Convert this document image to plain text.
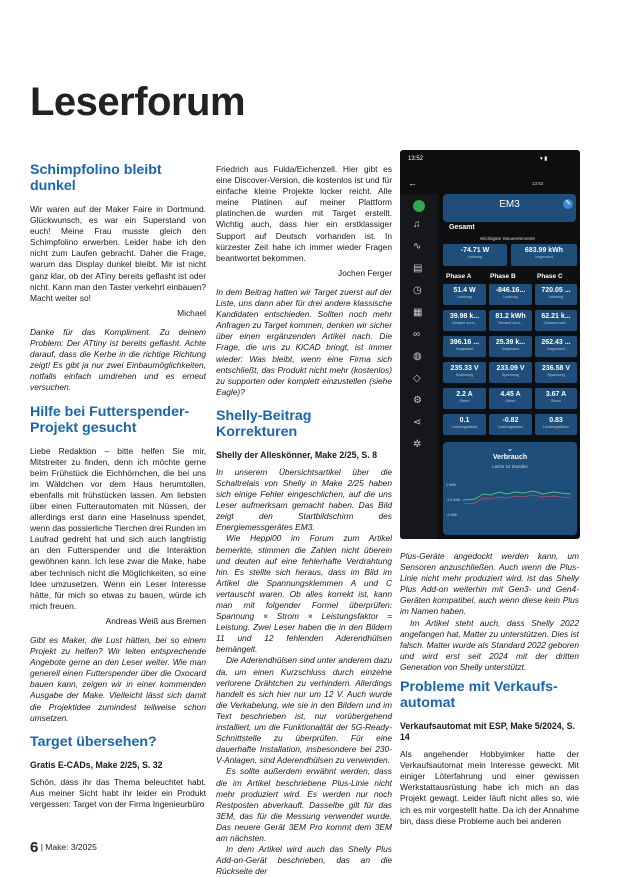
Leserforum
Schimpfolino bleibt dunkel

Wir waren auf der Maker Faire in Dortmund. Glückwunsch, es war ein Superstand von euch! Meine Frau musste gleich den Schimpfolino erwerben. Leider habe ich den nicht zum Laufen gebracht. Daher die Frage, warum das Display dunkel bleibt. Mir ist nicht ganz klar, ob der ATiny bereits geflasht ist oder nicht. Kann man den Taster verkehrt einbauen? Macht weiter so!

Michael

Danke für das Kompliment. Zu deinem Problem: Der ATtiny ist bereits geflasht. Achte darauf, dass die Kerbe in die richtige Richtung zeigt! Es gibt ja nur zwei Einbaumöglichkeiten, notfalls einfach umdrehen und es erneut versuchen.

Hilfe bei Futterspender-Projekt gesucht

Liebe Redaktion – bitte helfen Sie mir, Mitstreiter zu finden, denn ich möchte gerne beim Frühstück die Eichhörnchen, die bei uns im Wäldchen vor dem Haus herumtollen, ebenfalls mit frühstücken lassen. Am liebsten über einen Futterautomaten mit Nüssen, der allerdings erst dann eine Haselnuss spendet, wenn das possierliche Tierchen drei Runden im Laufrad gedreht hat und sich auch langfristig an den Futterspender und die Interaktion gewöhnen kann. Ich lese zwar die Make, habe aber technisch nicht die Möglichkeiten, so eine Idee umzusetzen. Wenn ein Leser Interesse hätte, für mich so etwas zu bauen, würde ich mich freuen.

Andreas Weiß aus Bremen

Gibt es Maker, die Lust hätten, bei so einem Projekt zu helfen? Wir leiten entsprechende Angebote gerne an den Leser weiter. Wie man generell einen Futterspender über die Oxocard bauen kann, zeigen wir in einer kommenden Ausgabe der Make. Vielleicht lässt sich damit die Projektidee zumindest teilweise schon umsetzen.

Target übersehen?
Gratis E-CADs, Make 2/25, S. 32

Schön, dass ihr das Thema beleuchtet habt. Aus meiner Sicht habt ihr leider ein Produkt vergessen: Target von der Firma Ingenieurbüro

Friedrich aus Fulda/Eichenzell. Hier gibt es eine Discover-Version, die kostenlos ist und für einfache kleine Projekte locker reicht. Alle meine Platinen auf meiner Plattform platinchen.de wurden mit Target erstellt. Wichtig auch, dass hier ein erstklassiger Support auf Deutsch vorhanden ist. In kürzester Zeit habe ich immer wieder Fragen beantwortet bekommen.

Jochen Ferger

In dem Beitrag hatten wir Target zuerst auf der Liste, uns dann aber für drei andere klassische Kandidaten entschieden. Sollten noch mehr Anfragen zu Target kommen, denken wir sicher über einen ergänzenden Artikel nach. Die Frage, die uns zu KiCAD bringt, ist immer wieder: Was bleibt, wenn eine Firma sich entschließt, das Produkt nicht mehr (kostenlos) zu supporten oder komplett einzustellen (siehe Eagle)?

Shelly-Beitrag Korrekturen
Shelly der Alleskönner, Make 2/25, S. 8

In unserem Übersichtsartikel über die Schaltrelais von Shelly in Make 2/25 haben sich einige Fehler eingeschlichen, auf die uns Leser aufmerksam gemacht haben. Das Bild zeigt den Startbildschirm des Energiemessgerätes EM3.

Wie Heppi00 im Forum zum Artikel bemerkte, stimmen die Zahlen nicht überein und deuten auf eine fehlerhafte Verdrahtung hin. Es stellte sich heraus, dass im Bild im Artikel die Spannungsklemmen A und C vertauscht waren. Ob alles korrekt ist, kann man mit folgender Formel überprüfen: Spannung × Strom × Leistungsfaktor = Leistung. Zwei Leser haben die in den Bildern 11 und 12 fehlenden Aderendhülsen bemängelt.

Die Aderendhülsen sind unter anderem dazu da, um einen Kurzschluss durch einzelne verlorene Drähtchen zu verhindern. Allerdings handelt es sich hier nur um 12 V. Auch wurde die Verkabelung, wie sie in den Bildern und im Text beschrieben ist, nur vorübergehend installiert, um die Funktionalität der 5G-Ready-Schnittstelle zu überprüfen. Für eine dauerhafte Installation, insbesondere bei 230-V-Anlagen, sind Aderendhülsen zu verwenden.

Es sollte außerdem erwähnt werden, dass die im Artikel beschriebene Plus-Linie nicht mehr produziert wird. Es werden nur noch Restposten abverkauft. Dasselbe gilt für das 3EM, das für die Messung verwendet wurde. Das neuere Gerät 3EM Pro kommt dem 3EM am nächsten.

In dem Artikel wird auch das Shelly Plus Add-on-Gerät beschrieben, das an die Rückseite der

13:52	▾ ▮
←	13:52
♫
∿
▤
◷
▦
∞
◍
◇
⚙
⋖
✲
EM3	✎
Gesamt
Wichtigste Steuerelemente
-74.71 W
Leistung
683.99 kWh
Insgesamt
Phase A	Phase B	Phase C
51.4 W
Leistung
-846.16...
Leistung
720.05 ...
Leistung
39.98 k...
Gesamt zurü...
81.2 kWh
Gesamt zurü...
62.21 k...
Gesamt zurü...
396.16 ...
Insgesamt
25.39 k...
Insgesamt
262.43 ...
Insgesamt
235.33 V
Spannung
233.09 V
Spannung
236.58 V
Spannung
2.2 A
Strom
4.45 A
Strom
3.67 A
Strom
0.1
Leistungsfaktor
-0.82
Leistungsfaktor
0.83
Leistungsfaktor
⌄
Verbrauch
Letzte 24 Stunden
1 kWh
-1.5 kWh
-4 kWh

Plus-Geräte angedockt werden kann, um Sensoren anzuschließen. Auch wenn die Plus-Linie nicht mehr produziert wird, ist das Shelly Plus Add-on weiterhin mit Gen3- und Gen4-Geräten kompatibel, auch wenn diese kein Plus im Namen haben.

Im Artikel steht auch, dass Shelly 2022 angefangen hat, Matter zu unterstützen. Dies ist falsch. Matter wurde als Standard 2022 geboren und wird erst seit 2024 mit der dritten Generation von Shelly unterstützt.

Probleme mit Verkaufs-automat
Verkaufsautomat mit ESP, Make 5/2024, S. 14

Als angehender Hobbyimker hatte der Verkaufsautomat mein Interesse geweckt. Mit einiger Löterfahrung und einer gewissen Werkstattausrüstung habe ich mich an das Projekt gewagt. Leider läuft nicht alles so, wie ich es mir vorgestellt hatte. Da ich der Annahme bin, dass diese Probleme auch bei anderen

6 | Make: 3/2025
